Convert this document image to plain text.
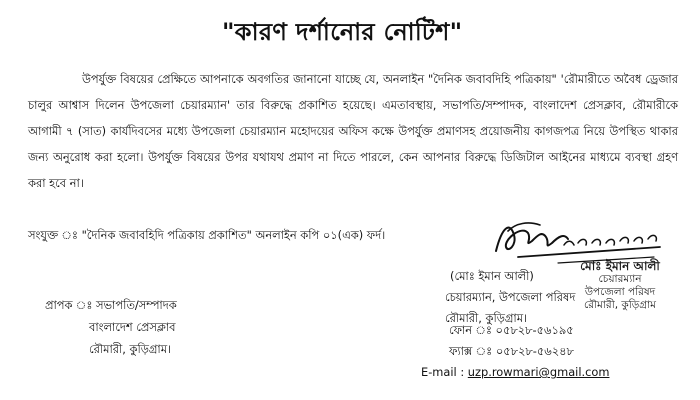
"কারণ দর্শানোর নোটিশ"
উপর্যুক্ত বিষয়ের প্রেক্ষিতে আপনাকে অবগতির জানানো যাচ্ছে যে, অনলাইন "দৈনিক জবাবদিহি পত্রিকায়" 'রৌমারীতে অবৈধ ড্রেজার চালুর আশ্বাস দিলেন উপজেলা চেয়ারম্যান' তার বিরুদ্ধে প্রকাশিত হয়েছে। এমতাবস্থায়, সভাপতি/সম্পাদক, বাংলাদেশ প্রেসক্লাব, রৌমারীকে আগামী ৭ (সাত) কার্যদিবসের মধ্যে উপজেলা চেয়ারম্যান মহোদয়ের অফিস কক্ষে উপর্যুক্ত প্রমাণসহ প্রয়োজনীয় কাগজপত্র নিয়ে উপস্থিত থাকার জন্য অনুরোধ করা হলো। উপর্যুক্ত বিষয়ের উপর যথাযথ প্রমাণ না দিতে পারলে, কেন আপনার বিরুদ্ধে ডিজিটাল আইনের মাধ্যমে ব্যবস্থা গ্রহণ করা হবে না।
সংযুক্ত ঃ "দৈনিক জবাবহিদি পত্রিকায় প্রকাশিত" অনলাইন কপি ০১(এক) ফর্দ।
(মোঃ ইমান আলী)
চেয়ারম্যান, উপজেলা পরিষদ
রৌমারী, কুড়িগ্রাম।
মোঃ ইমান আলী
চেয়ারম্যান
উপজেলা পরিষদ
রৌমারী, কুড়িগ্রাম
প্রাপক ঃ সভাপতি/সম্পাদক
বাংলাদেশ প্রেসক্লাব
রৌমারী, কুড়িগ্রাম।
ফোন ঃ ০৫৮২৮-৫৬১৯৫
ফ্যাক্স ঃ ০৫৮২৮-৫৬২৪৮
E-mail : uzp.rowmari@gmail.com
